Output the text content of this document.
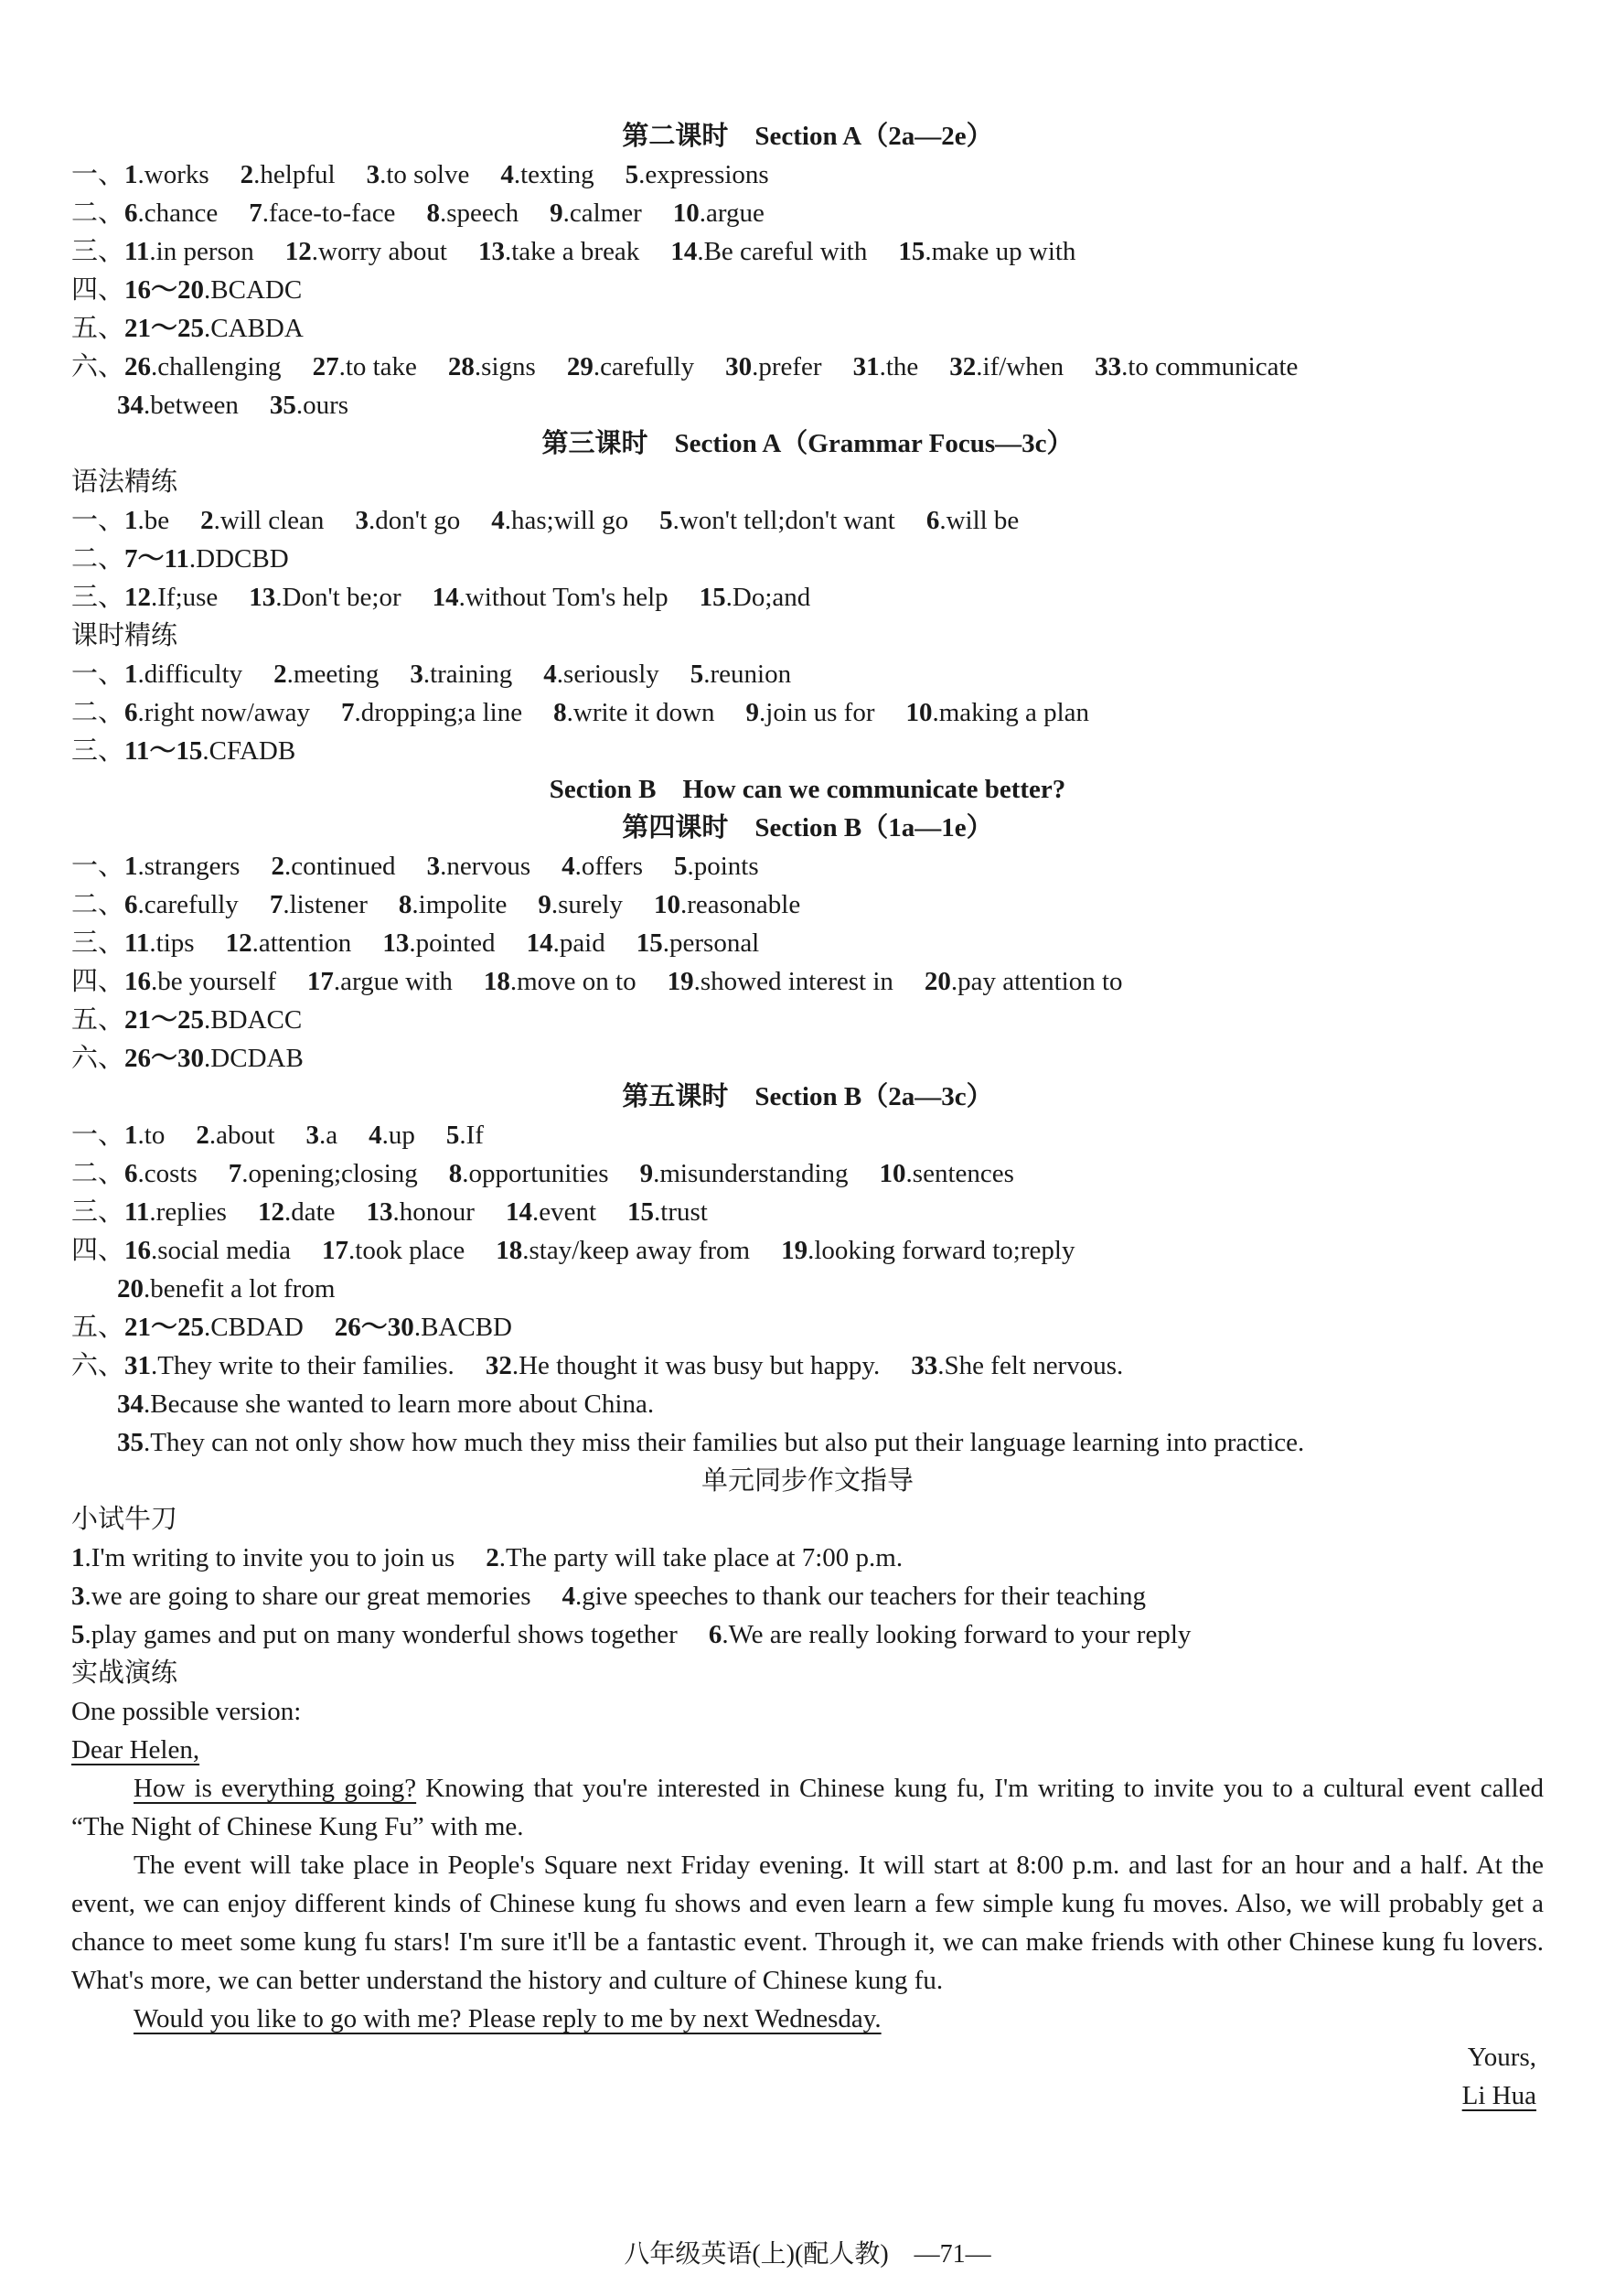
第二课时　Section A（2a—2e）
一、1.works 2.helpful 3.to solve 4.texting 5.expressions
二、6.chance 7.face-to-face 8.speech 9.calmer 10.argue
三、11.in person 12.worry about 13.take a break 14.Be careful with 15.make up with
四、16～20.BCADC
五、21～25.CABDA
六、26.challenging 27.to take 28.signs 29.carefully 30.prefer 31.the 32.if/when 33.to communicate
34.between 35.ours
第三课时　Section A（Grammar Focus—3c）
语法精练
一、1.be 2.will clean 3.don't go 4.has;will go 5.won't tell;don't want 6.will be
二、7～11.DDCBD
三、12.If;use 13.Don't be;or 14.without Tom's help 15.Do;and
课时精练
一、1.difficulty 2.meeting 3.training 4.seriously 5.reunion
二、6.right now/away 7.dropping;a line 8.write it down 9.join us for 10.making a plan
三、11～15.CFADB
Section B　How can we communicate better?
第四课时　Section B（1a—1e）
一、1.strangers 2.continued 3.nervous 4.offers 5.points
二、6.carefully 7.listener 8.impolite 9.surely 10.reasonable
三、11.tips 12.attention 13.pointed 14.paid 15.personal
四、16.be yourself 17.argue with 18.move on to 19.showed interest in 20.pay attention to
五、21～25.BDACC
六、26～30.DCDAB
第五课时　Section B（2a—3c）
一、1.to 2.about 3.a 4.up 5.If
二、6.costs 7.opening;closing 8.opportunities 9.misunderstanding 10.sentences
三、11.replies 12.date 13.honour 14.event 15.trust
四、16.social media 17.took place 18.stay/keep away from 19.looking forward to;reply
20.benefit a lot from
五、21～25.CBDAD 26～30.BACBD
六、31.They write to their families. 32.He thought it was busy but happy. 33.She felt nervous.
34.Because she wanted to learn more about China.
35.They can not only show how much they miss their families but also put their language learning into practice.
单元同步作文指导
小试牛刀
1.I'm writing to invite you to join us 2.The party will take place at 7:00 p.m.
3.we are going to share our great memories 4.give speeches to thank our teachers for their teaching
5.play games and put on many wonderful shows together 6.We are really looking forward to your reply
实战演练
One possible version:
Dear Helen,
How is everything going? Knowing that you're interested in Chinese kung fu, I'm writing to invite you to a cultural event called “The Night of Chinese Kung Fu” with me.
The event will take place in People's Square next Friday evening. It will start at 8:00 p.m. and last for an hour and a half. At the event, we can enjoy different kinds of Chinese kung fu shows and even learn a few simple kung fu moves. Also, we will probably get a chance to meet some kung fu stars! I'm sure it'll be a fantastic event. Through it, we can make friends with other Chinese kung fu lovers. What's more, we can better understand the history and culture of Chinese kung fu.
Would you like to go with me? Please reply to me by next Wednesday.
Yours,
Li Hua
八年级英语(上)(配人教)　—71—
